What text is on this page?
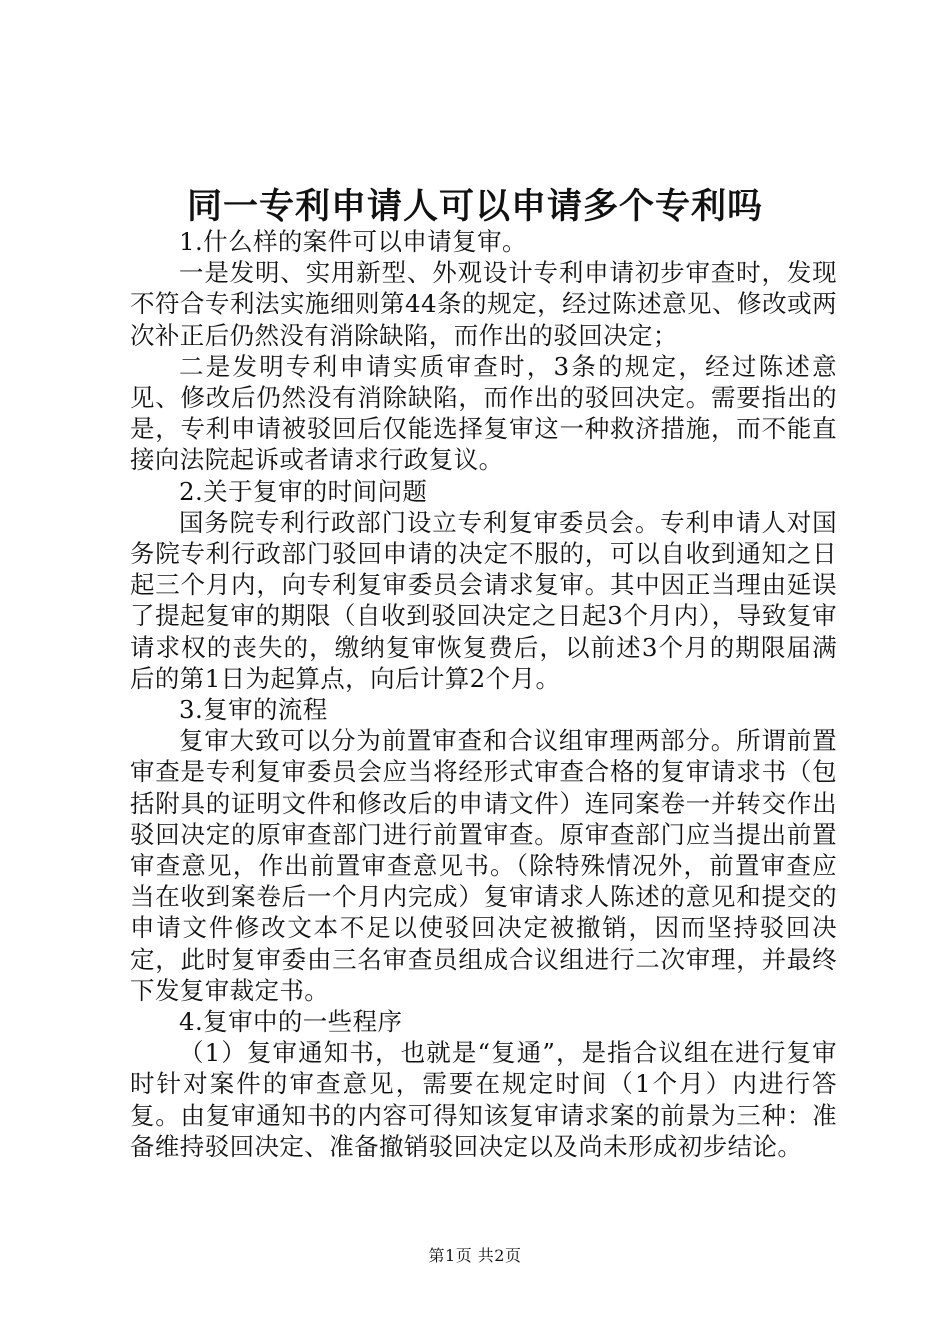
同一专利申请人可以申请多个专利吗

1.什么样的案件可以申请复审。

一是发明、实用新型、外观设计专利申请初步审查时，发现不符合专利法实施细则第44条的规定，经过陈述意见、修改或两次补正后仍然没有消除缺陷，而作出的驳回决定；

二是发明专利申请实质审查时，3条的规定，经过陈述意见、修改后仍然没有消除缺陷，而作出的驳回决定。需要指出的是，专利申请被驳回后仅能选择复审这一种救济措施，而不能直接向法院起诉或者请求行政复议。

2.关于复审的时间问题

国务院专利行政部门设立专利复审委员会。专利申请人对国务院专利行政部门驳回申请的决定不服的，可以自收到通知之日起三个月内，向专利复审委员会请求复审。其中因正当理由延误了提起复审的期限（自收到驳回决定之日起3个月内），导致复审请求权的丧失的，缴纳复审恢复费后，以前述3个月的期限届满后的第1日为起算点，向后计算2个月。

3.复审的流程

复审大致可以分为前置审查和合议组审理两部分。所谓前置审查是专利复审委员会应当将经形式审查合格的复审请求书（包括附具的证明文件和修改后的申请文件）连同案卷一并转交作出驳回决定的原审查部门进行前置审查。原审查部门应当提出前置审查意见，作出前置审查意见书。（除特殊情况外，前置审查应当在收到案卷后一个月内完成）复审请求人陈述的意见和提交的申请文件修改文本不足以使驳回决定被撤销，因而坚持驳回决定，此时复审委由三名审查员组成合议组进行二次审理，并最终下发复审裁定书。

4.复审中的一些程序

（1）复审通知书，也就是“复通”，是指合议组在进行复审时针对案件的审查意见，需要在规定时间（1个月）内进行答复。由复审通知书的内容可得知该复审请求案的前景为三种：准备维持驳回决定、准备撤销驳回决定以及尚未形成初步结论。

第1页 共2页
